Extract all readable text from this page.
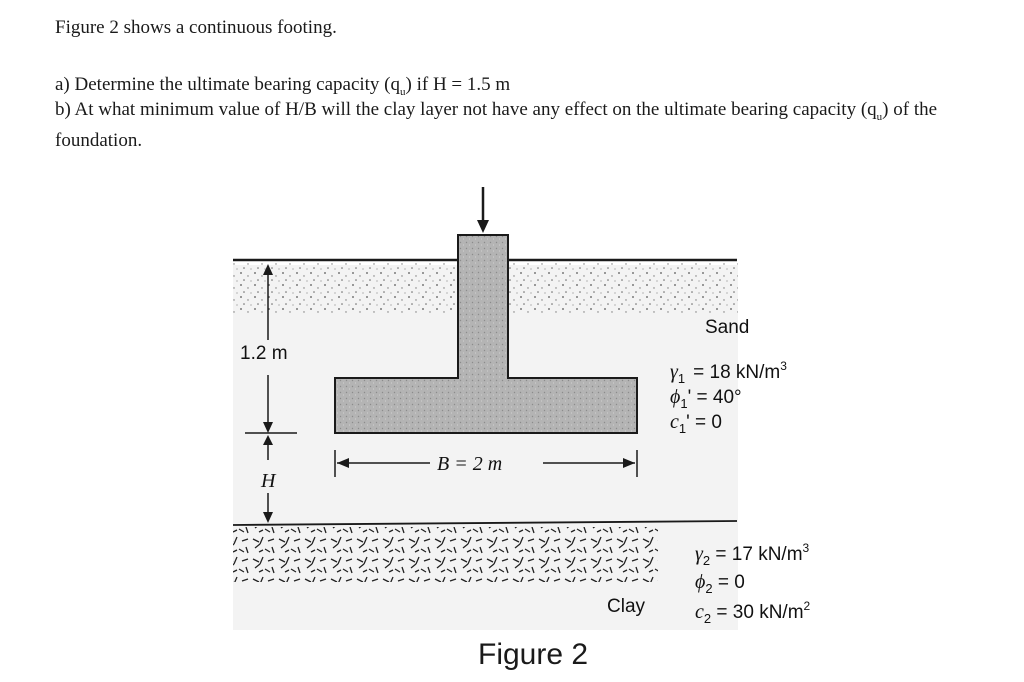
Figure 2 shows a continuous footing.

a) Determine the ultimate bearing capacity $(q_u)$ if H = 1.5 m

b) At what minimum value of H/B will the clay layer not have any effect on the ultimate bearing capacity $(q_u)$ of the foundation.

1.2 m
H
B = 2 m
Sand
$\gamma_1 = 18$ $kN/m^3$
$\phi_1' = 40^\circ$
$c_1' = 0$
Clay
$\gamma_2 = 17$ $kN/m^3$
$\phi_2 = 0$
$c_2 = 30$ $kN/m^2$
Figure 2
